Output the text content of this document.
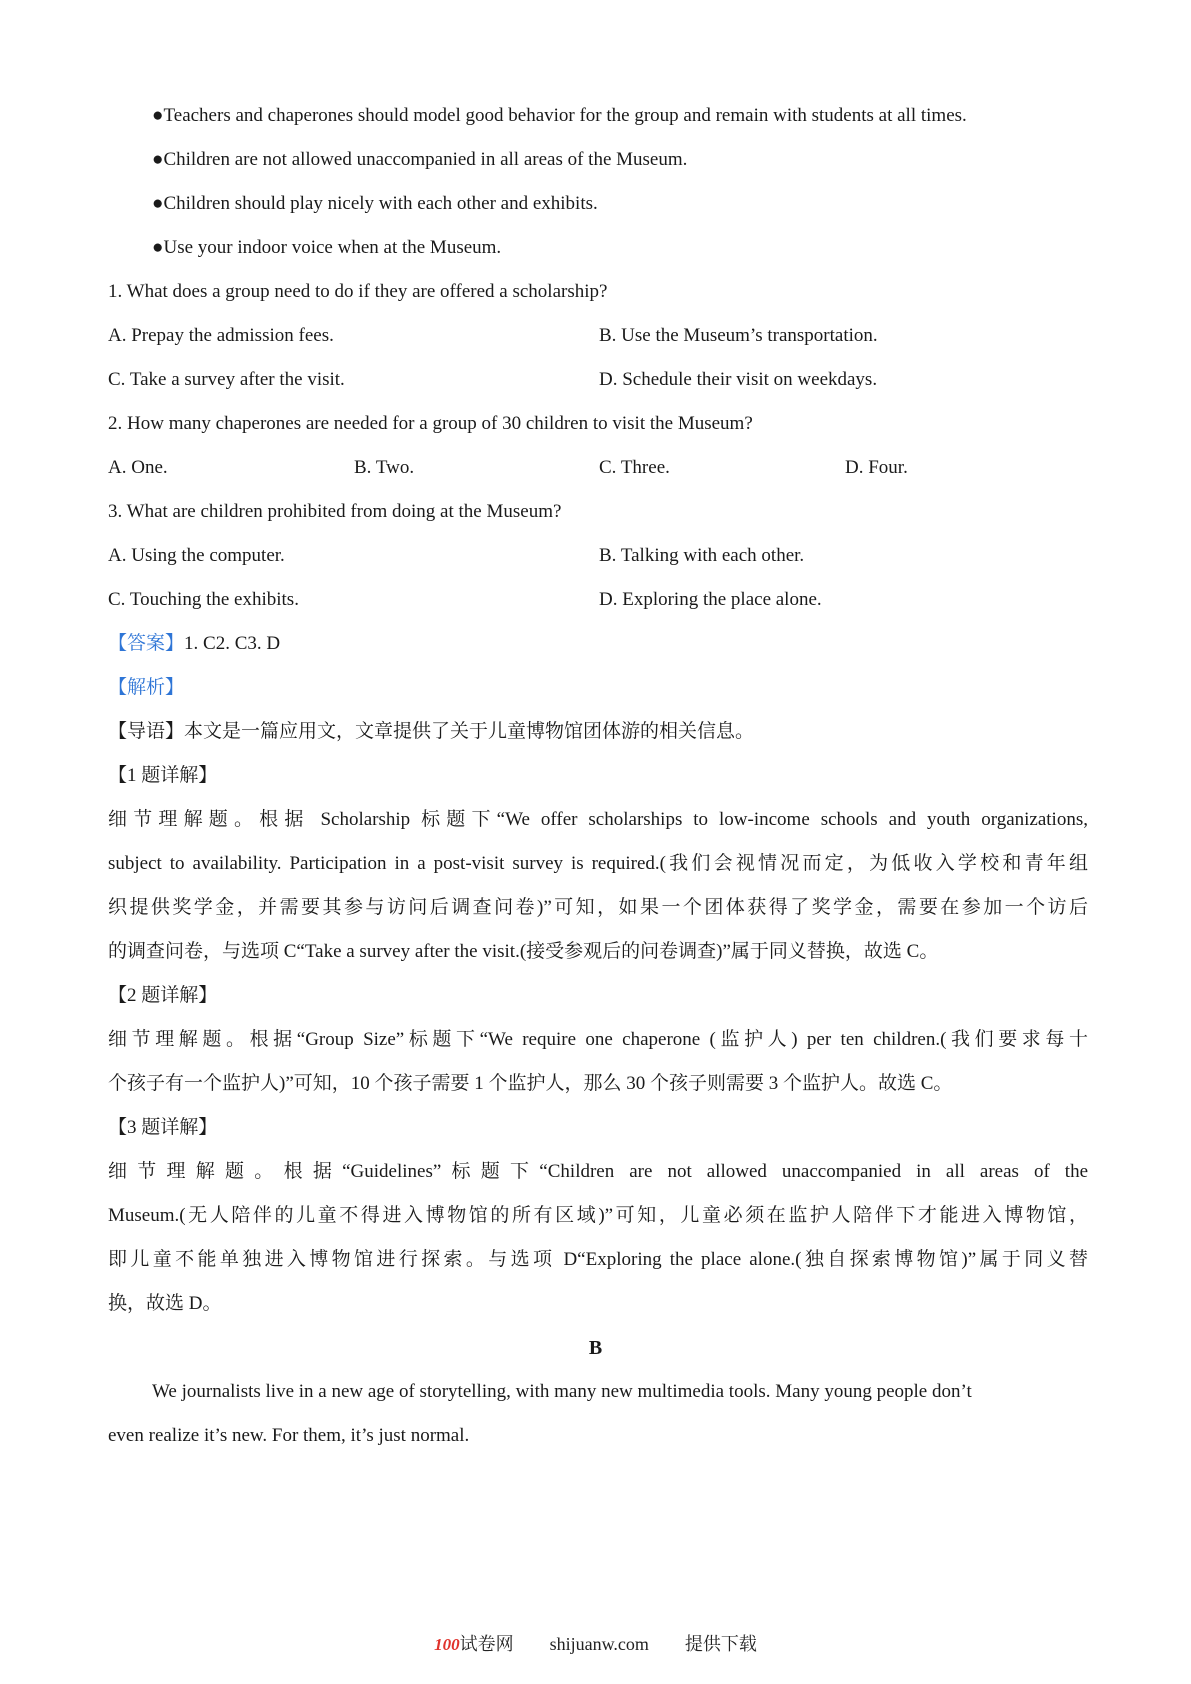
●Teachers and chaperones should model good behavior for the group and remain with students at all times.
●Children are not allowed unaccompanied in all areas of the Museum.
●Children should play nicely with each other and exhibits.
●Use your indoor voice when at the Museum.
1. What does a group need to do if they are offered a scholarship?
A. Prepay the admission fees.	B. Use the Museum’s transportation.
C. Take a survey after the visit.	D. Schedule their visit on weekdays.
2. How many chaperones are needed for a group of 30 children to visit the Museum?
A. One.	B. Two.	C. Three.	D. Four.
3. What are children prohibited from doing at the Museum?
A. Using the computer.	B. Talking with each other.
C. Touching the exhibits.	D. Exploring the place alone.
【答案】1. C2. C3. D
【解析】
【导语】本文是一篇应用文，文章提供了关于儿童博物馆团体游的相关信息。
【1 题详解】
细节理解题。根据 Scholarship 标题下“We offer scholarships to low-income schools and youth organizations,
subject to availability. Participation in a post-visit survey is required.(我们会视情况而定，为低收入学校和青年组
织提供奖学金，并需要其参与访问后调查问卷)”可知，如果一个团体获得了奖学金，需要在参加一个访后
的调查问卷，与选项 C“Take a survey after the visit.(接受参观后的问卷调查)”属于同义替换，故选 C。
【2 题详解】
细节理解题。根据“Group Size”标题下“We require one chaperone (监护人) per ten children.(我们要求每十
个孩子有一个监护人)”可知，10 个孩子需要 1 个监护人，那么 30 个孩子则需要 3 个监护人。故选 C。
【3 题详解】
细节理解题。根据“Guidelines”标题下“Children are not allowed unaccompanied in all areas of the
Museum.(无人陪伴的儿童不得进入博物馆的所有区域)”可知，儿童必须在监护人陪伴下才能进入博物馆，
即儿童不能单独进入博物馆进行探索。与选项 D“Exploring the place alone.(独自探索博物馆)”属于同义替
换，故选 D。
B
We journalists live in a new age of storytelling, with many new multimedia tools. Many young people don’t
even realize it’s new. For them, it’s just normal.
100试卷网 shijuanw.com 提供下载
